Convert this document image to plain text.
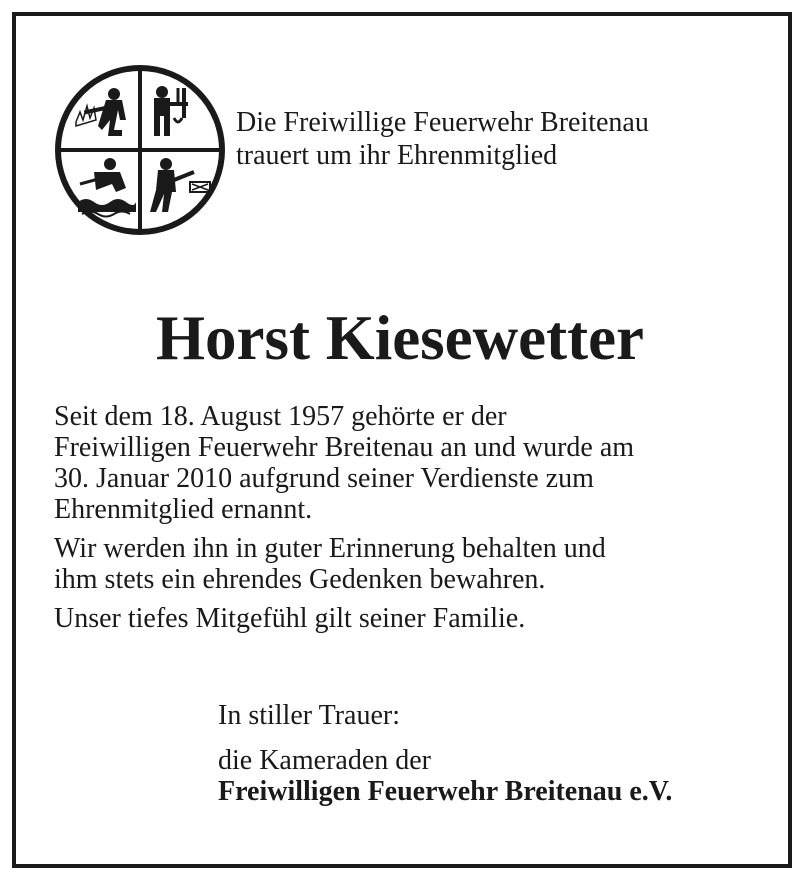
Die Freiwillige Feuerwehr Breitenau
trauert um ihr Ehrenmitglied
Horst Kiesewetter

Seit dem 18. August 1957 gehörte er der
Freiwilligen Feuerwehr Breitenau an und wurde am
30. Januar 2010 aufgrund seiner Verdienste zum
Ehrenmitglied ernannt.

Wir werden ihn in guter Erinnerung behalten und
ihm stets ein ehrendes Gedenken bewahren.

Unser tiefes Mitgefühl gilt seiner Familie.

In stiller Trauer:
die Kameraden der
Freiwilligen Feuerwehr Breitenau e.V.
